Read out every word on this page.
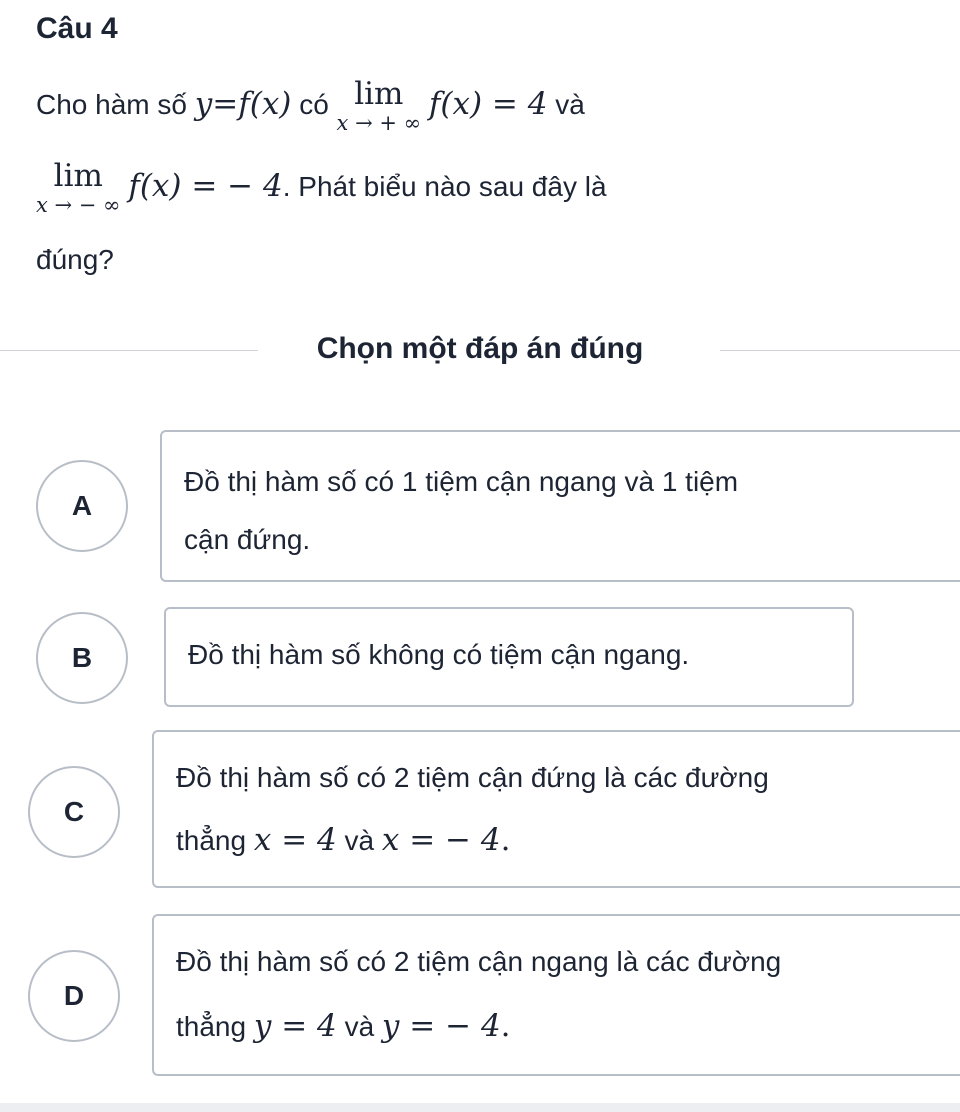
Câu 4
Cho hàm số y=f(x) có lim
x → + ∞
f(x) = 4 và
lim
x → − ∞
f(x) = − 4. Phát biểu nào sau đây là
đúng?
Chọn một đáp án đúng
A
Đồ thị hàm số có 1 tiệm cận ngang và 1 tiệm
cận đứng.
B	Đồ thị hàm số không có tiệm cận ngang.
C
Đồ thị hàm số có 2 tiệm cận đứng là các đường
thẳng x = 4 và x = − 4.
D
Đồ thị hàm số có 2 tiệm cận ngang là các đường
thẳng y = 4 và y = − 4.
